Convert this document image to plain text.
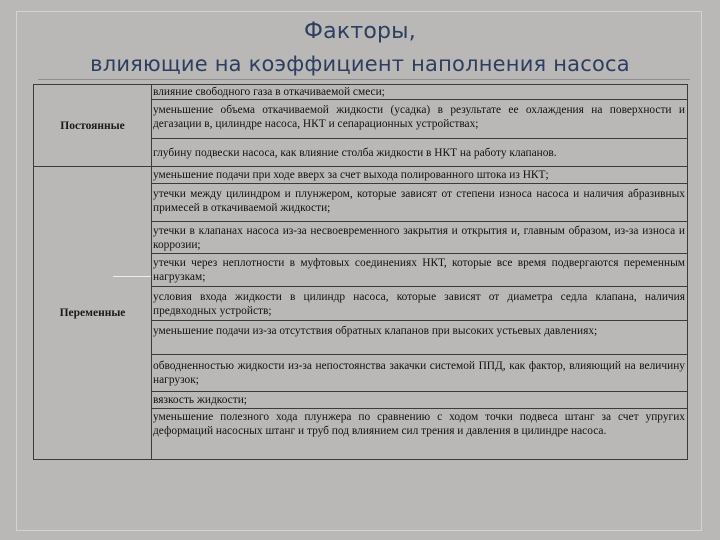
Факторы,
влияющие на коэффициент наполнения насоса
Постоянные	влияние свободного газа в откачиваемой смеси;
	уменьшение объема откачиваемой жидкости (усадка) в результате ее охлаждения на поверхности и дегазации в, цилиндре насоса, НКТ и сепарационных устройствах;
	глубину подвески насоса, как влияние столба жидкости в НКТ на работу клапанов.
Переменные	уменьшение подачи при ходе вверх за счет выхода полированного штока из НКТ;
	утечки между цилиндром и плунжером, которые зависят от степени износа насоса и наличия абразивных примесей в откачиваемой жидкости;
	утечки в клапанах насоса из-за несвоевременного закрытия и открытия и, главным образом, из-за износа и коррозии;
	утечки через неплотности в муфтовых соединениях НКТ, которые все время подвергаются переменным нагрузкам;
	условия входа жидкости в цилиндр насоса, которые зависят от диаметра седла клапана, наличия предвходных устройств;
	уменьшение подачи из-за отсутствия обратных клапанов при высоких устьевых давлениях;
	обводненностью жидкости из-за непостоянства закачки системой ППД, как фактор, влияющий на величину нагрузок;
	вязкость жидкости;
	уменьшение полезного хода плунжера по сравнению с ходом точки подвеса штанг за счет упругих деформаций насосных штанг и труб под влиянием сил трения и давления в цилиндре насоса.
